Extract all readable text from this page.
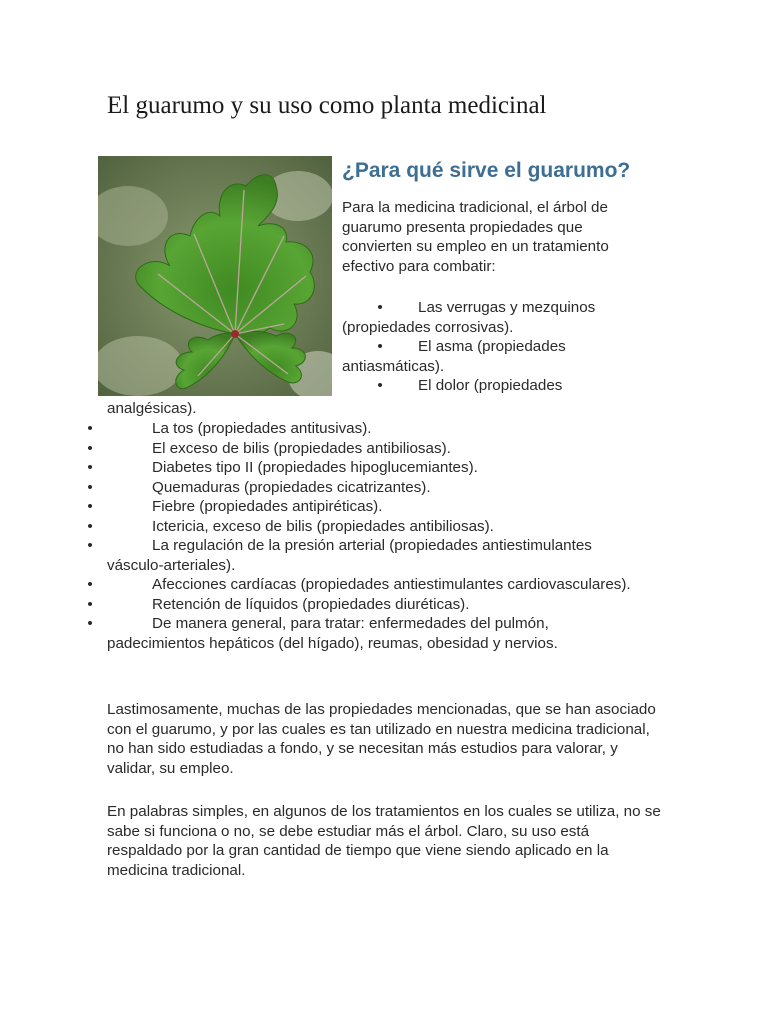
El guarumo y su uso como planta medicinal
¿Para qué sirve el guarumo?

Para la medicina tradicional, el árbol de guarumo presenta propiedades que convierten su empleo en un tratamiento efectivo para combatir:

• Las verrugas y mezquinos (propiedades corrosivas).
• El asma (propiedades antiasmáticas).
• El dolor (propiedades
analgésicas).
•	La tos (propiedades antitusivas).
•	El exceso de bilis (propiedades antibiliosas).
•	Diabetes tipo II (propiedades hipoglucemiantes).
•	Quemaduras (propiedades cicatrizantes).
•	Fiebre (propiedades antipiréticas).
•	Ictericia, exceso de bilis (propiedades antibiliosas).
•	La regulación de la presión arterial (propiedades antiestimulantes vásculo-arteriales).
•	Afecciones cardíacas (propiedades antiestimulantes cardiovasculares).
•	Retención de líquidos (propiedades diuréticas).
•	De manera general, para tratar: enfermedades del pulmón, padecimientos hepáticos (del hígado), reumas, obesidad y nervios.

Lastimosamente, muchas de las propiedades mencionadas, que se han asociado con el guarumo, y por las cuales es tan utilizado en nuestra medicina tradicional, no han sido estudiadas a fondo, y se necesitan más estudios para valorar, y validar, su empleo.

En palabras simples, en algunos de los tratamientos en los cuales se utiliza, no se sabe si funciona o no, se debe estudiar más el árbol. Claro, su uso está respaldado por la gran cantidad de tiempo que viene siendo aplicado en la medicina tradicional.
